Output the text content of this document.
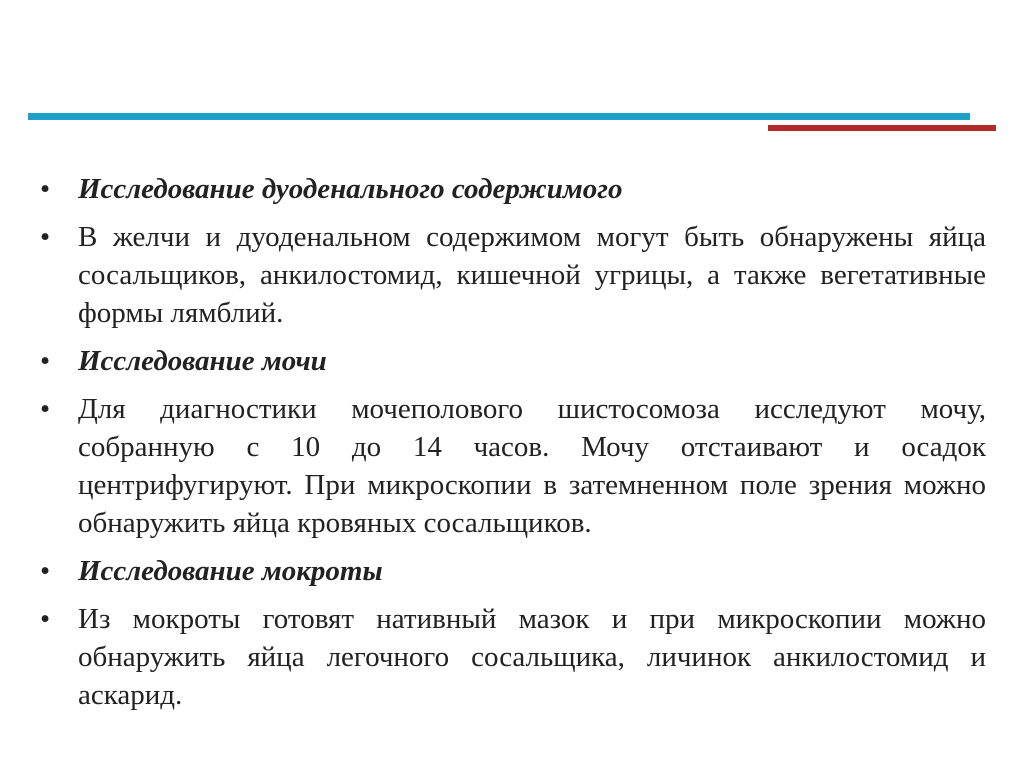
• Исследование дуоденального содержимого
• В желчи и дуоденальном содержимом могут быть обнаружены яйца сосальщиков, анкилостомид, кишечной угрицы, а также вегетативные формы лямблий.
• Исследование мочи
• Для диагностики мочеполового шистосомоза исследуют мочу, собранную с 10 до 14 часов. Мочу отстаивают и осадок центрифугируют. При микроскопии в затемненном поле зрения можно обнаружить яйца кровяных сосальщиков.
• Исследование мокроты
• Из мокроты готовят нативный мазок и при микроскопии можно обнаружить яйца легочного сосальщика, личинок анкилостомид и аскарид.
